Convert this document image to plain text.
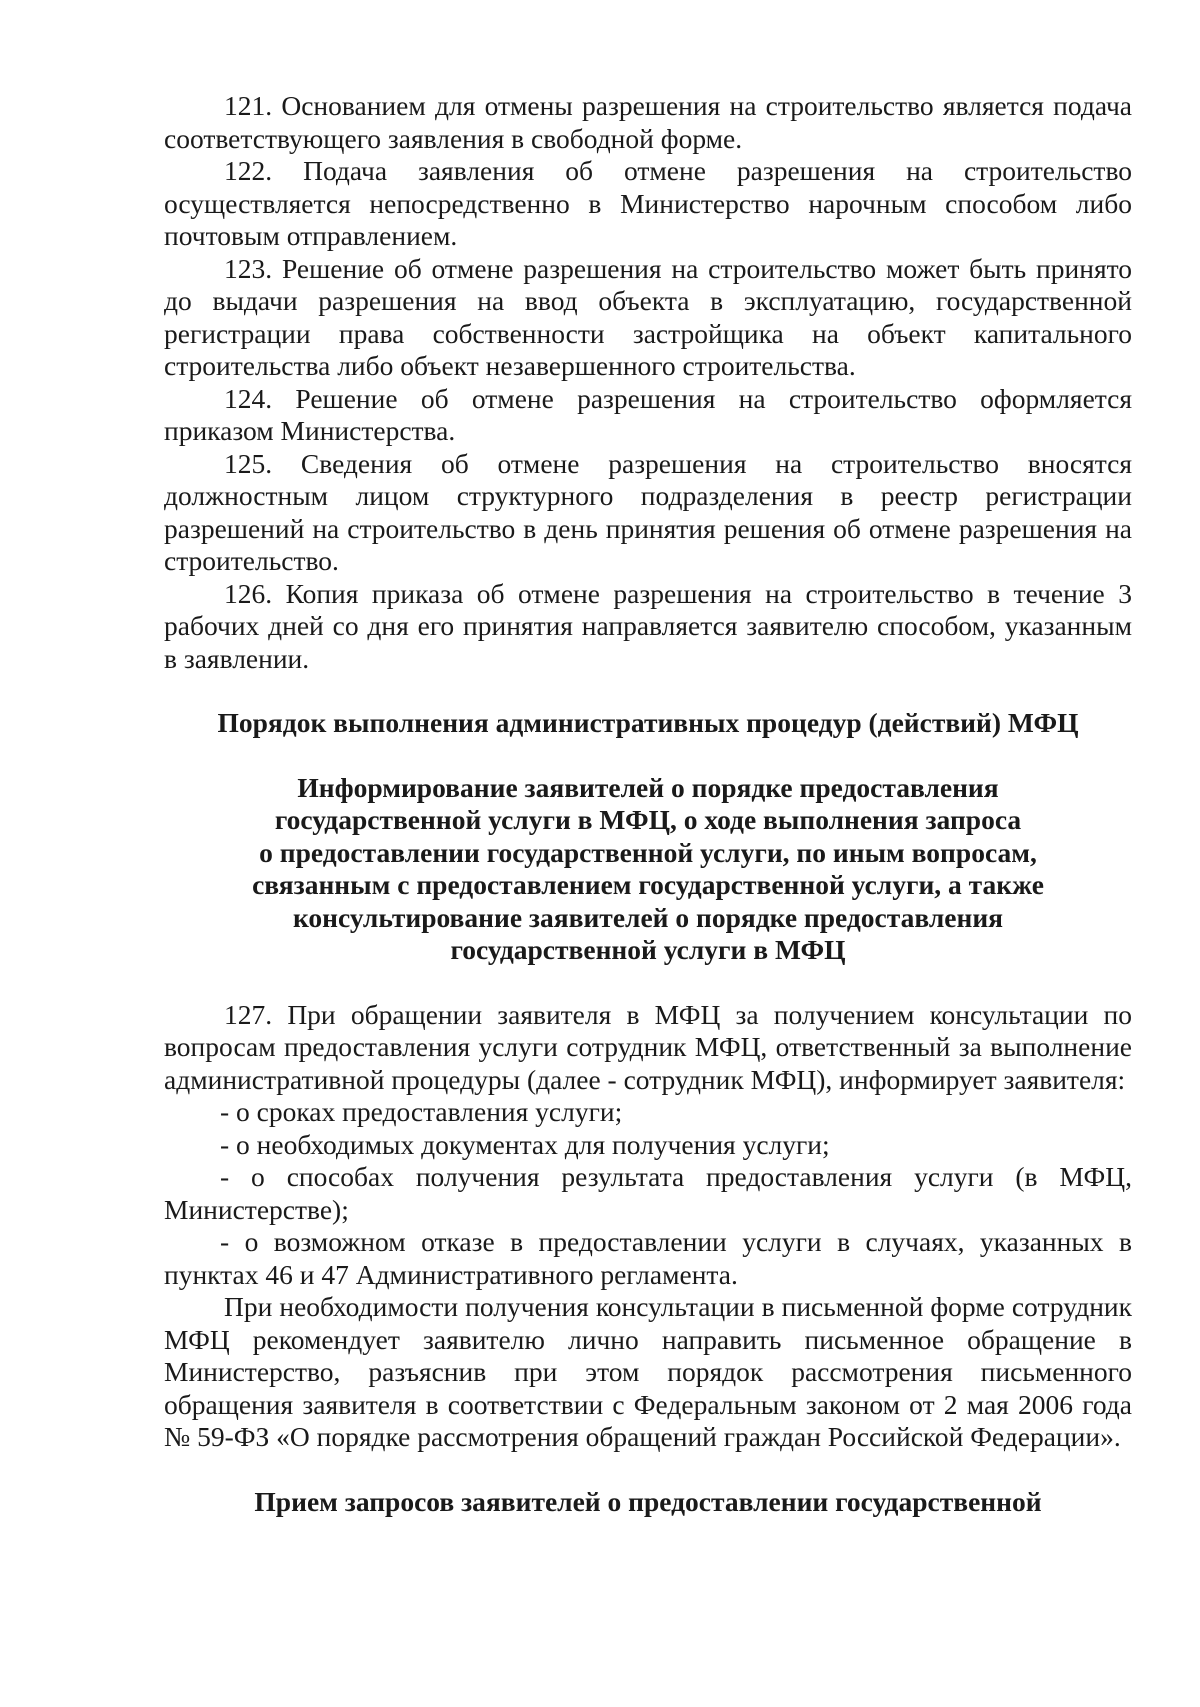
121. Основанием для отмены разрешения на строительство является подача соответствующего заявления в свободной форме.

122. Подача заявления об отмене разрешения на строительство осуществляется непосредственно в Министерство нарочным способом либо почтовым отправлением.

123. Решение об отмене разрешения на строительство может быть принято до выдачи разрешения на ввод объекта в эксплуатацию, государственной регистрации права собственности застройщика на объект капитального строительства либо объект незавершенного строительства.

124. Решение об отмене разрешения на строительство оформляется приказом Министерства.

125. Сведения об отмене разрешения на строительство вносятся должностным лицом структурного подразделения в реестр регистрации разрешений на строительство в день принятия решения об отмене разрешения на строительство.

126. Копия приказа об отмене разрешения на строительство в течение 3 рабочих дней со дня его принятия направляется заявителю способом, указанным в заявлении.

Порядок выполнения административных процедур (действий) МФЦ
Информирование заявителей о порядке предоставления
государственной услуги в МФЦ, о ходе выполнения запроса
о предоставлении государственной услуги, по иным вопросам,
связанным с предоставлением государственной услуги, а также
консультирование заявителей о порядке предоставления
государственной услуги в МФЦ

127. При обращении заявителя в МФЦ за получением консультации по вопросам предоставления услуги сотрудник МФЦ, ответственный за выполнение административной процедуры (далее - сотрудник МФЦ), информирует заявителя:

- о сроках предоставления услуги;

- о необходимых документах для получения услуги;

- о способах получения результата предоставления услуги (в МФЦ, Министерстве);

- о возможном отказе в предоставлении услуги в случаях, указанных в пунктах 46 и 47 Административного регламента.

При необходимости получения консультации в письменной форме сотрудник МФЦ рекомендует заявителю лично направить письменное обращение в Министерство, разъяснив при этом порядок рассмотрения письменного обращения заявителя в соответствии с Федеральным законом от 2 мая 2006 года № 59-ФЗ «О порядке рассмотрения обращений граждан Российской Федерации».

Прием запросов заявителей о предоставлении государственной
